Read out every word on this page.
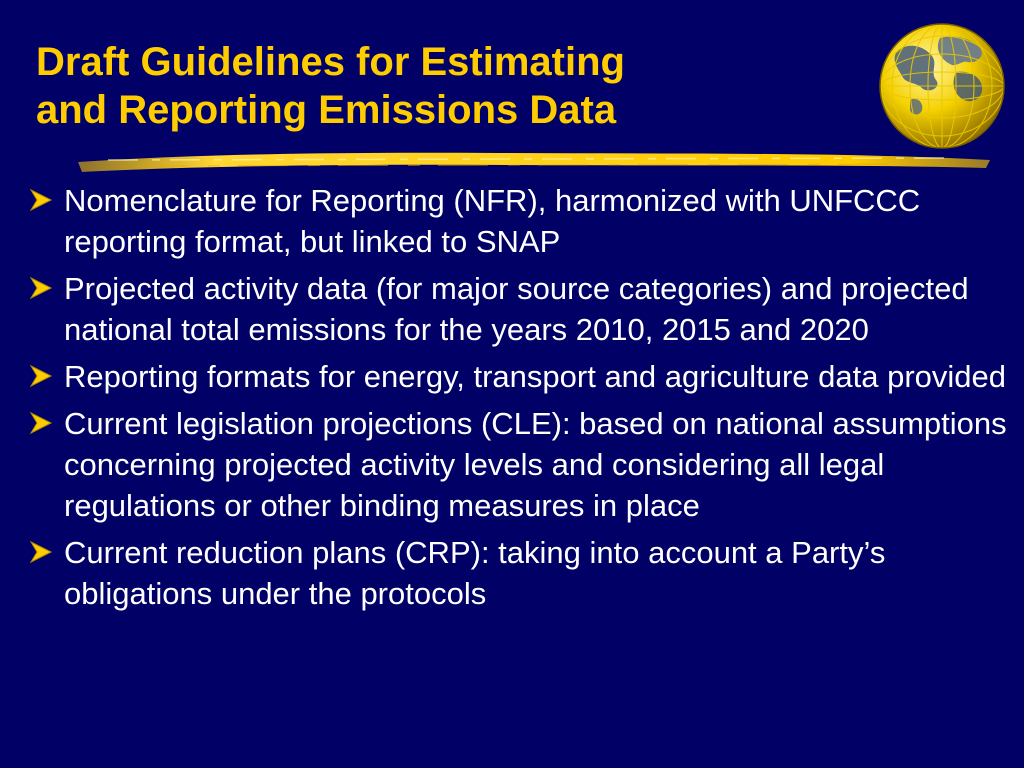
Draft Guidelines for Estimating
and Reporting Emissions Data
Nomenclature for Reporting (NFR), harmonized with UNFCCC reporting format, but linked to SNAP
Projected activity data (for major source categories) and projected national total emissions for the years 2010, 2015 and 2020
Reporting formats for energy, transport and agriculture data provided
Current legislation projections (CLE): based on national assumptions concerning projected activity levels and considering all legal regulations or other binding measures in place
Current reduction plans (CRP): taking into account a Party’s obligations under the protocols
